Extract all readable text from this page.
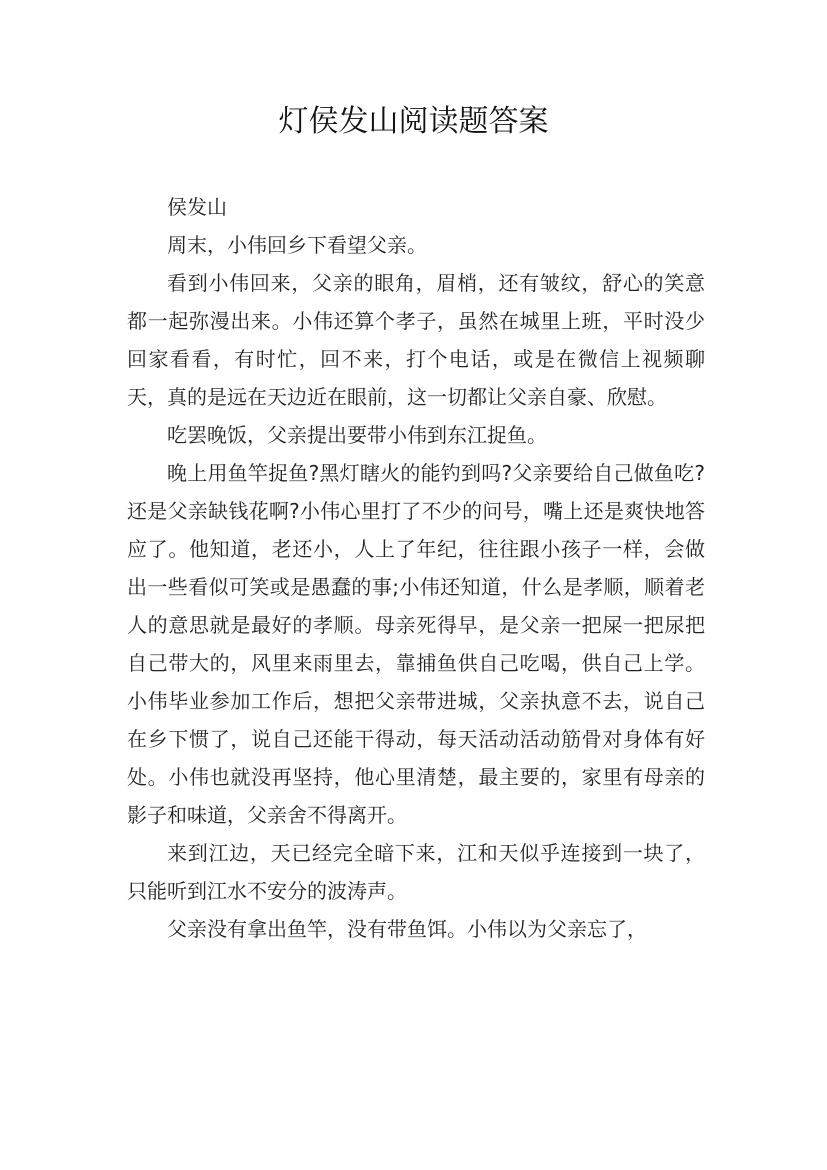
灯侯发山阅读题答案

侯发山

周末，小伟回乡下看望父亲。

看到小伟回来，父亲的眼角，眉梢，还有皱纹，舒心的笑意都一起弥漫出来。小伟还算个孝子，虽然在城里上班，平时没少回家看看，有时忙，回不来，打个电话，或是在微信上视频聊天，真的是远在天边近在眼前，这一切都让父亲自豪、欣慰。

吃罢晚饭，父亲提出要带小伟到东江捉鱼。

晚上用鱼竿捉鱼?黑灯瞎火的能钓到吗?父亲要给自己做鱼吃?还是父亲缺钱花啊?小伟心里打了不少的问号，嘴上还是爽快地答应了。他知道，老还小，人上了年纪，往往跟小孩子一样，会做出一些看似可笑或是愚蠢的事;小伟还知道，什么是孝顺，顺着老人的意思就是最好的孝顺。母亲死得早，是父亲一把屎一把尿把自己带大的，风里来雨里去，靠捕鱼供自己吃喝，供自己上学。小伟毕业参加工作后，想把父亲带进城，父亲执意不去，说自己在乡下惯了，说自己还能干得动，每天活动活动筋骨对身体有好处。小伟也就没再坚持，他心里清楚，最主要的，家里有母亲的影子和味道，父亲舍不得离开。

来到江边，天已经完全暗下来，江和天似乎连接到一块了，只能听到江水不安分的波涛声。

父亲没有拿出鱼竿，没有带鱼饵。小伟以为父亲忘了，
